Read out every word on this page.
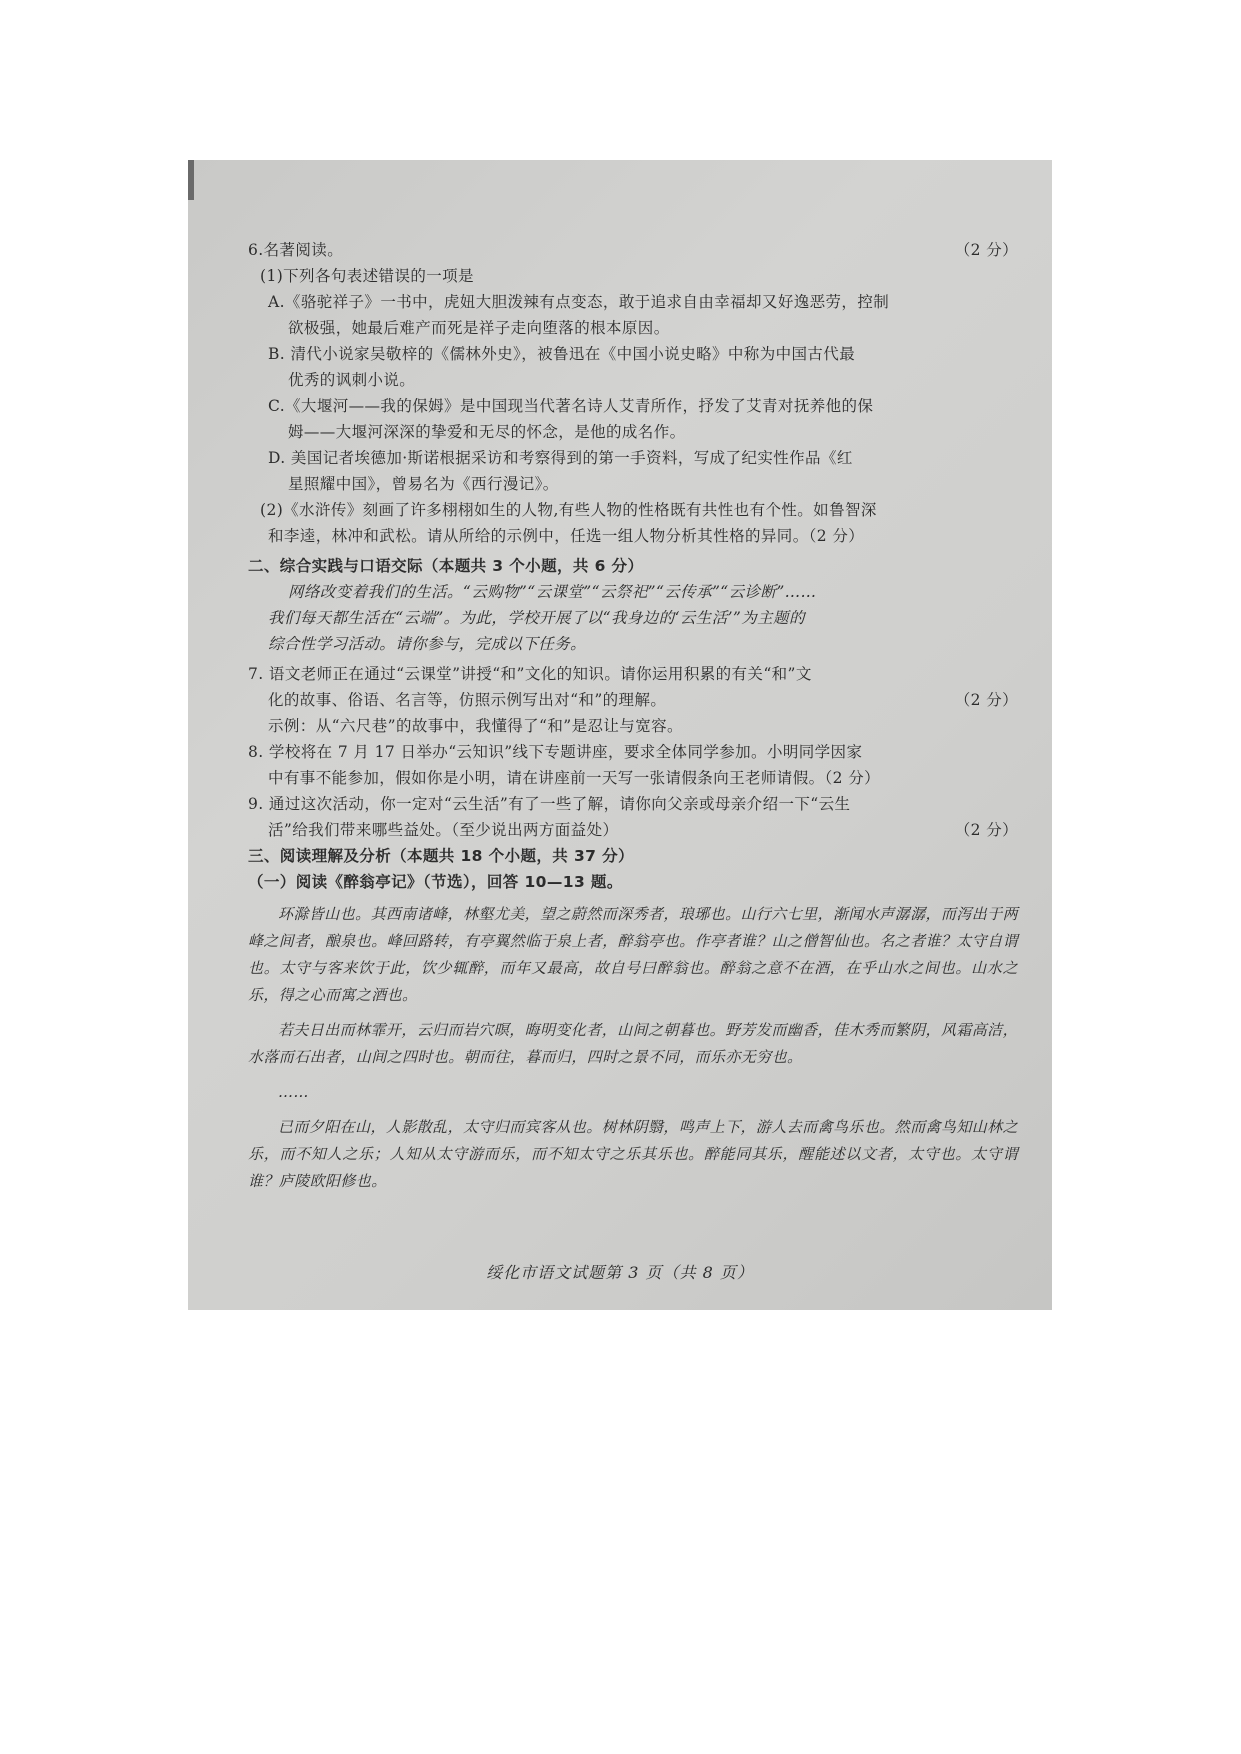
6.名著阅读。	（2 分）
(1)下列各句表述错误的一项是
A.《骆驼祥子》一书中，虎妞大胆泼辣有点变态，敢于追求自由幸福却又好逸恶劳，控制
欲极强，她最后难产而死是祥子走向堕落的根本原因。
B. 清代小说家吴敬梓的《儒林外史》，被鲁迅在《中国小说史略》中称为中国古代最
优秀的讽刺小说。
C.《大堰河——我的保姆》是中国现当代著名诗人艾青所作，抒发了艾青对抚养他的保
姆——大堰河深深的挚爱和无尽的怀念，是他的成名作。
D. 美国记者埃德加·斯诺根据采访和考察得到的第一手资料，写成了纪实性作品《红
星照耀中国》，曾易名为《西行漫记》。
(2)《水浒传》刻画了许多栩栩如生的人物,有些人物的性格既有共性也有个性。如鲁智深
和李逵，林冲和武松。请从所给的示例中，任选一组人物分析其性格的异同。（2 分）
二、综合实践与口语交际（本题共 3 个小题，共 6 分）
网络改变着我们的生活。“云购物”“云课堂”“云祭祀”“云传承”“云诊断”……
我们每天都生活在“云端”。为此，学校开展了以“我身边的‘云生活’”为主题的
综合性学习活动。请你参与，完成以下任务。
7. 语文老师正在通过“云课堂”讲授“和”文化的知识。请你运用积累的有关“和”文
化的故事、俗语、名言等，仿照示例写出对“和”的理解。	（2 分）
示例：从“六尺巷”的故事中，我懂得了“和”是忍让与宽容。
8. 学校将在 7 月 17 日举办“云知识”线下专题讲座，要求全体同学参加。小明同学因家
中有事不能参加，假如你是小明，请在讲座前一天写一张请假条向王老师请假。（2 分）
9. 通过这次活动，你一定对“云生活”有了一些了解，请你向父亲或母亲介绍一下“云生
活”给我们带来哪些益处。（至少说出两方面益处）	（2 分）
三、阅读理解及分析（本题共 18 个小题，共 37 分）
（一）阅读《醉翁亭记》（节选），回答 10—13 题。

环滁皆山也。其西南诸峰，林壑尤美，望之蔚然而深秀者，琅琊也。山行六七里，渐闻水声潺潺，而泻出于两峰之间者，酿泉也。峰回路转，有亭翼然临于泉上者，醉翁亭也。作亭者谁？山之僧智仙也。名之者谁？太守自谓也。太守与客来饮于此，饮少辄醉，而年又最高，故自号曰醉翁也。醉翁之意不在酒，在乎山水之间也。山水之乐，得之心而寓之酒也。

若夫日出而林霏开，云归而岩穴暝，晦明变化者，山间之朝暮也。野芳发而幽香，佳木秀而繁阴，风霜高洁，水落而石出者，山间之四时也。朝而往，暮而归，四时之景不同，而乐亦无穷也。

……

已而夕阳在山，人影散乱，太守归而宾客从也。树林阴翳，鸣声上下，游人去而禽鸟乐也。然而禽鸟知山林之乐，而不知人之乐；人知从太守游而乐，而不知太守之乐其乐也。醉能同其乐，醒能述以文者，太守也。太守谓谁？庐陵欧阳修也。

绥化市语文试题第 3 页（共 8 页）
